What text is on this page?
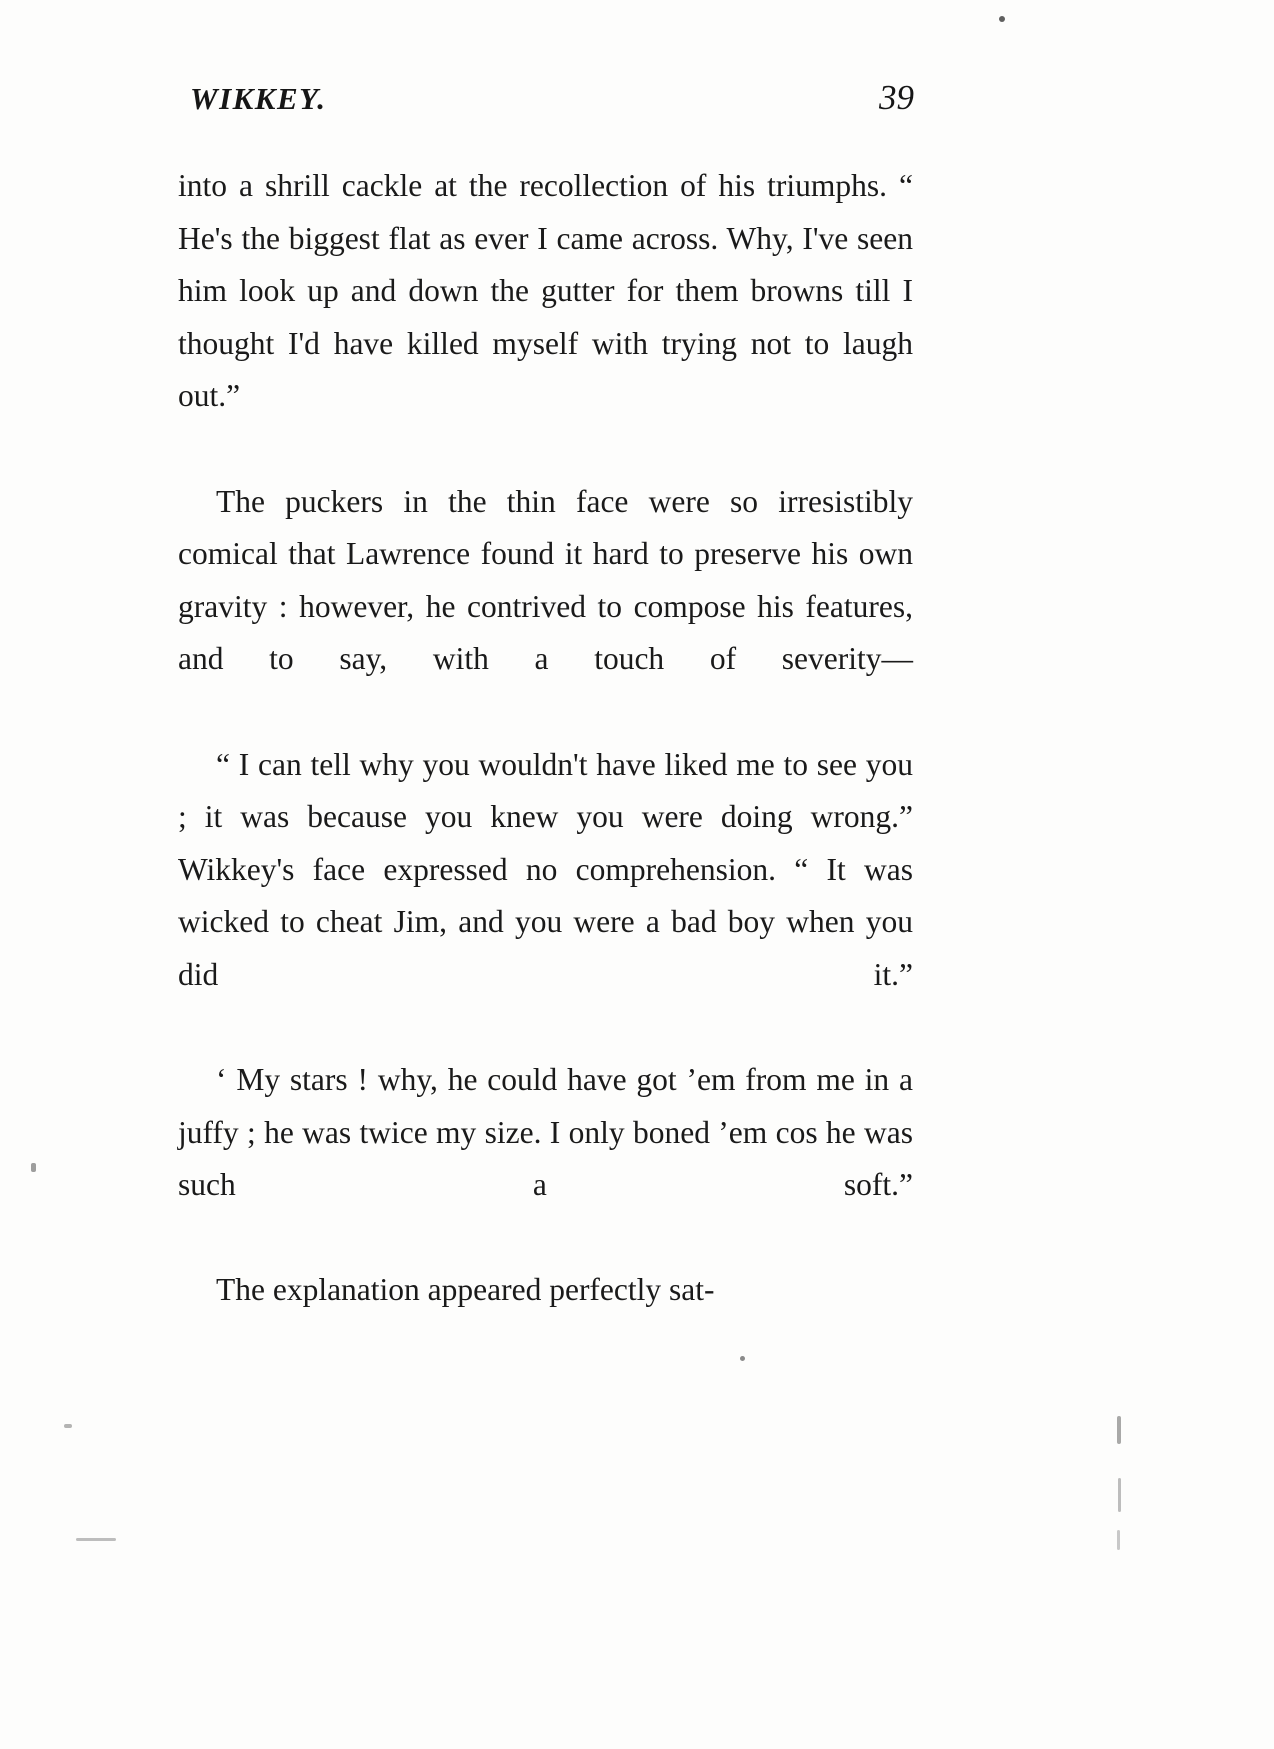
WIKKEY.	39

into a shrill cackle at the recollection of his triumphs. “ He's the biggest flat as ever I came across. Why, I've seen him look up and down the gutter for them browns till I thought I'd have killed myself with trying not to laugh out.”

The puckers in the thin face were so irresistibly comical that Lawrence found it hard to preserve his own gravity : however, he contrived to compose his features, and to say, with a touch of severity—

“ I can tell why you wouldn't have liked me to see you ; it was because you knew you were doing wrong.” Wikkey's face expressed no comprehension. “ It was wicked to cheat Jim, and you were a bad boy when you did it.”

‘ My stars ! why, he could have got ’em from me in a juffy ; he was twice my size. I only boned ’em cos he was such a soft.”

The explanation appeared perfectly sat-
